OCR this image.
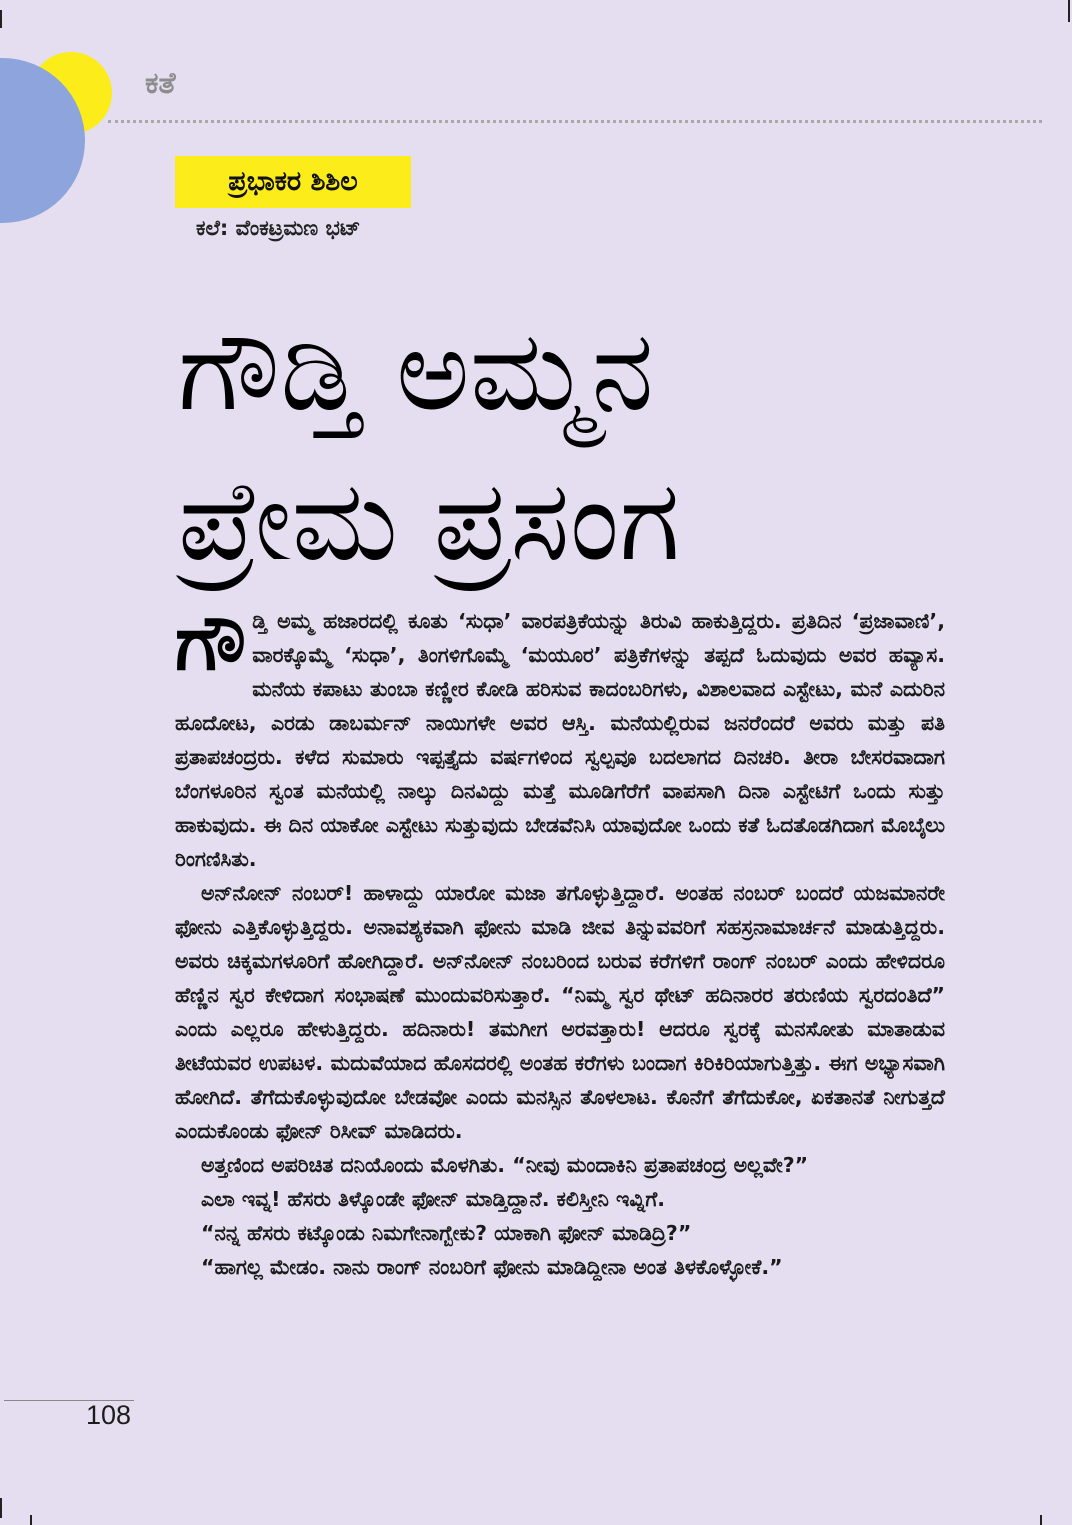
ಕತೆ
ಪ್ರಭಾಕರ ಶಿಶಿಲ
ಕಲೆ: ವೆಂಕಟ್ರಮಣ ಭಟ್
ಗೌಡ್ತಿ ಅಮ್ಮನ
ಪ್ರೇಮ ಪ್ರಸಂಗ

ಗೌಡ್ತಿ ಅಮ್ಮ ಹಜಾರದಲ್ಲಿ ಕೂತು ‘ಸುಧಾ’ ವಾರಪತ್ರಿಕೆಯನ್ನು ತಿರುವಿ ಹಾಕುತ್ತಿದ್ದರು. ಪ್ರತಿದಿನ ‘ಪ್ರಜಾವಾಣಿ’, ವಾರಕ್ಕೊಮ್ಮೆ ‘ಸುಧಾ’, ತಿಂಗಳಿಗೊಮ್ಮೆ ‘ಮಯೂರ’ ಪತ್ರಿಕೆಗಳನ್ನು ತಪ್ಪದೆ ಓದುವುದು ಅವರ ಹವ್ಯಾಸ. ಮನೆಯ ಕಪಾಟು ತುಂಬಾ ಕಣ್ಣೀರ ಕೋಡಿ ಹರಿಸುವ ಕಾದಂಬರಿಗಳು, ವಿಶಾಲವಾದ ಎಸ್ಟೇಟು, ಮನೆ ಎದುರಿನ ಹೂದೋಟ, ಎರಡು ಡಾಬರ್ಮನ್ ನಾಯಿಗಳೇ ಅವರ ಆಸ್ತಿ. ಮನೆಯಲ್ಲಿರುವ ಜನರೆಂದರೆ ಅವರು ಮತ್ತು ಪತಿ ಪ್ರತಾಪಚಂದ್ರರು. ಕಳೆದ ಸುಮಾರು ಇಪ್ಪತ್ತೈದು ವರ್ಷಗಳಿಂದ ಸ್ವಲ್ಪವೂ ಬದಲಾಗದ ದಿನಚರಿ. ತೀರಾ ಬೇಸರವಾದಾಗ ಬೆಂಗಳೂರಿನ ಸ್ವಂತ ಮನೆಯಲ್ಲಿ ನಾಲ್ಕು ದಿನವಿದ್ದು ಮತ್ತೆ ಮೂಡಿಗೆರೆಗೆ ವಾಪಸಾಗಿ ದಿನಾ ಎಸ್ಟೇಟಿಗೆ ಒಂದು ಸುತ್ತು ಹಾಕುವುದು. ಈ ದಿನ ಯಾಕೋ ಎಸ್ಟೇಟು ಸುತ್ತುವುದು ಬೇಡವೆನಿಸಿ ಯಾವುದೋ ಒಂದು ಕತೆ ಓದತೊಡಗಿದಾಗ ಮೊಬೈಲು ರಿಂಗಣಿಸಿತು.

ಅನ್‌ನೋನ್ ನಂಬರ್! ಹಾಳಾದ್ದು ಯಾರೋ ಮಜಾ ತಗೊಳ್ಳುತ್ತಿದ್ದಾರೆ. ಅಂತಹ ನಂಬರ್ ಬಂದರೆ ಯಜಮಾನರೇ ಫೋನು ಎತ್ತಿಕೊಳ್ಳುತ್ತಿದ್ದರು. ಅನಾವಶ್ಯಕವಾಗಿ ಫೋನು ಮಾಡಿ ಜೀವ ತಿನ್ನುವವರಿಗೆ ಸಹಸ್ರನಾಮಾರ್ಚನೆ ಮಾಡುತ್ತಿದ್ದರು. ಅವರು ಚಿಕ್ಕಮಗಳೂರಿಗೆ ಹೋಗಿದ್ದಾರೆ. ಅನ್‌ನೋನ್ ನಂಬರಿಂದ ಬರುವ ಕರೆಗಳಿಗೆ ರಾಂಗ್ ನಂಬರ್ ಎಂದು ಹೇಳಿದರೂ ಹೆಣ್ಣಿನ ಸ್ವರ ಕೇಳಿದಾಗ ಸಂಭಾಷಣೆ ಮುಂದುವರಿಸುತ್ತಾರೆ. “ನಿಮ್ಮ ಸ್ವರ ಥೇಟ್ ಹದಿನಾರರ ತರುಣಿಯ ಸ್ವರದಂತಿದೆ” ಎಂದು ಎಲ್ಲರೂ ಹೇಳುತ್ತಿದ್ದರು. ಹದಿನಾರು! ತಮಗೀಗ ಅರವತ್ತಾರು! ಆದರೂ ಸ್ವರಕ್ಕೆ ಮನಸೋತು ಮಾತಾಡುವ ತೀಟೆಯವರ ಉಪಟಳ. ಮದುವೆಯಾದ ಹೊಸದರಲ್ಲಿ ಅಂತಹ ಕರೆಗಳು ಬಂದಾಗ ಕಿರಿಕಿರಿಯಾಗುತ್ತಿತ್ತು. ಈಗ ಅಭ್ಯಾಸವಾಗಿ ಹೋಗಿದೆ. ತೆಗೆದುಕೊಳ್ಳುವುದೋ ಬೇಡವೋ ಎಂದು ಮನಸ್ಸಿನ ತೊಳಲಾಟ. ಕೊನೆಗೆ ತೆಗೆದುಕೋ, ಏಕತಾನತೆ ನೀಗುತ್ತದೆ ಎಂದುಕೊಂಡು ಫೋನ್ ರಿಸೀವ್ ಮಾಡಿದರು.

ಅತ್ತಣಿಂದ ಅಪರಿಚಿತ ದನಿಯೊಂದು ಮೊಳಗಿತು. “ನೀವು ಮಂದಾಕಿನಿ ಪ್ರತಾಪಚಂದ್ರ ಅಲ್ಲವೇ?”

ಎಲಾ ಇವ್ನ! ಹೆಸರು ತಿಳ್ಕೊಂಡೇ ಫೋನ್ ಮಾಡ್ತಿದ್ದಾನೆ. ಕಲಿಸ್ತೀನಿ ಇವ್ನಿಗೆ.

“ನನ್ನ ಹೆಸರು ಕಟ್ಕೊಂಡು ನಿಮಗೇನಾಗ್ಬೇಕು? ಯಾಕಾಗಿ ಫೋನ್ ಮಾಡಿದ್ರಿ?”

“ಹಾಗಲ್ಲ ಮೇಡಂ. ನಾನು ರಾಂಗ್ ನಂಬರಿಗೆ ಫೋನು ಮಾಡಿದ್ದೀನಾ ಅಂತ ತಿಳಕೊಳ್ಳೋಕೆ.”

108
